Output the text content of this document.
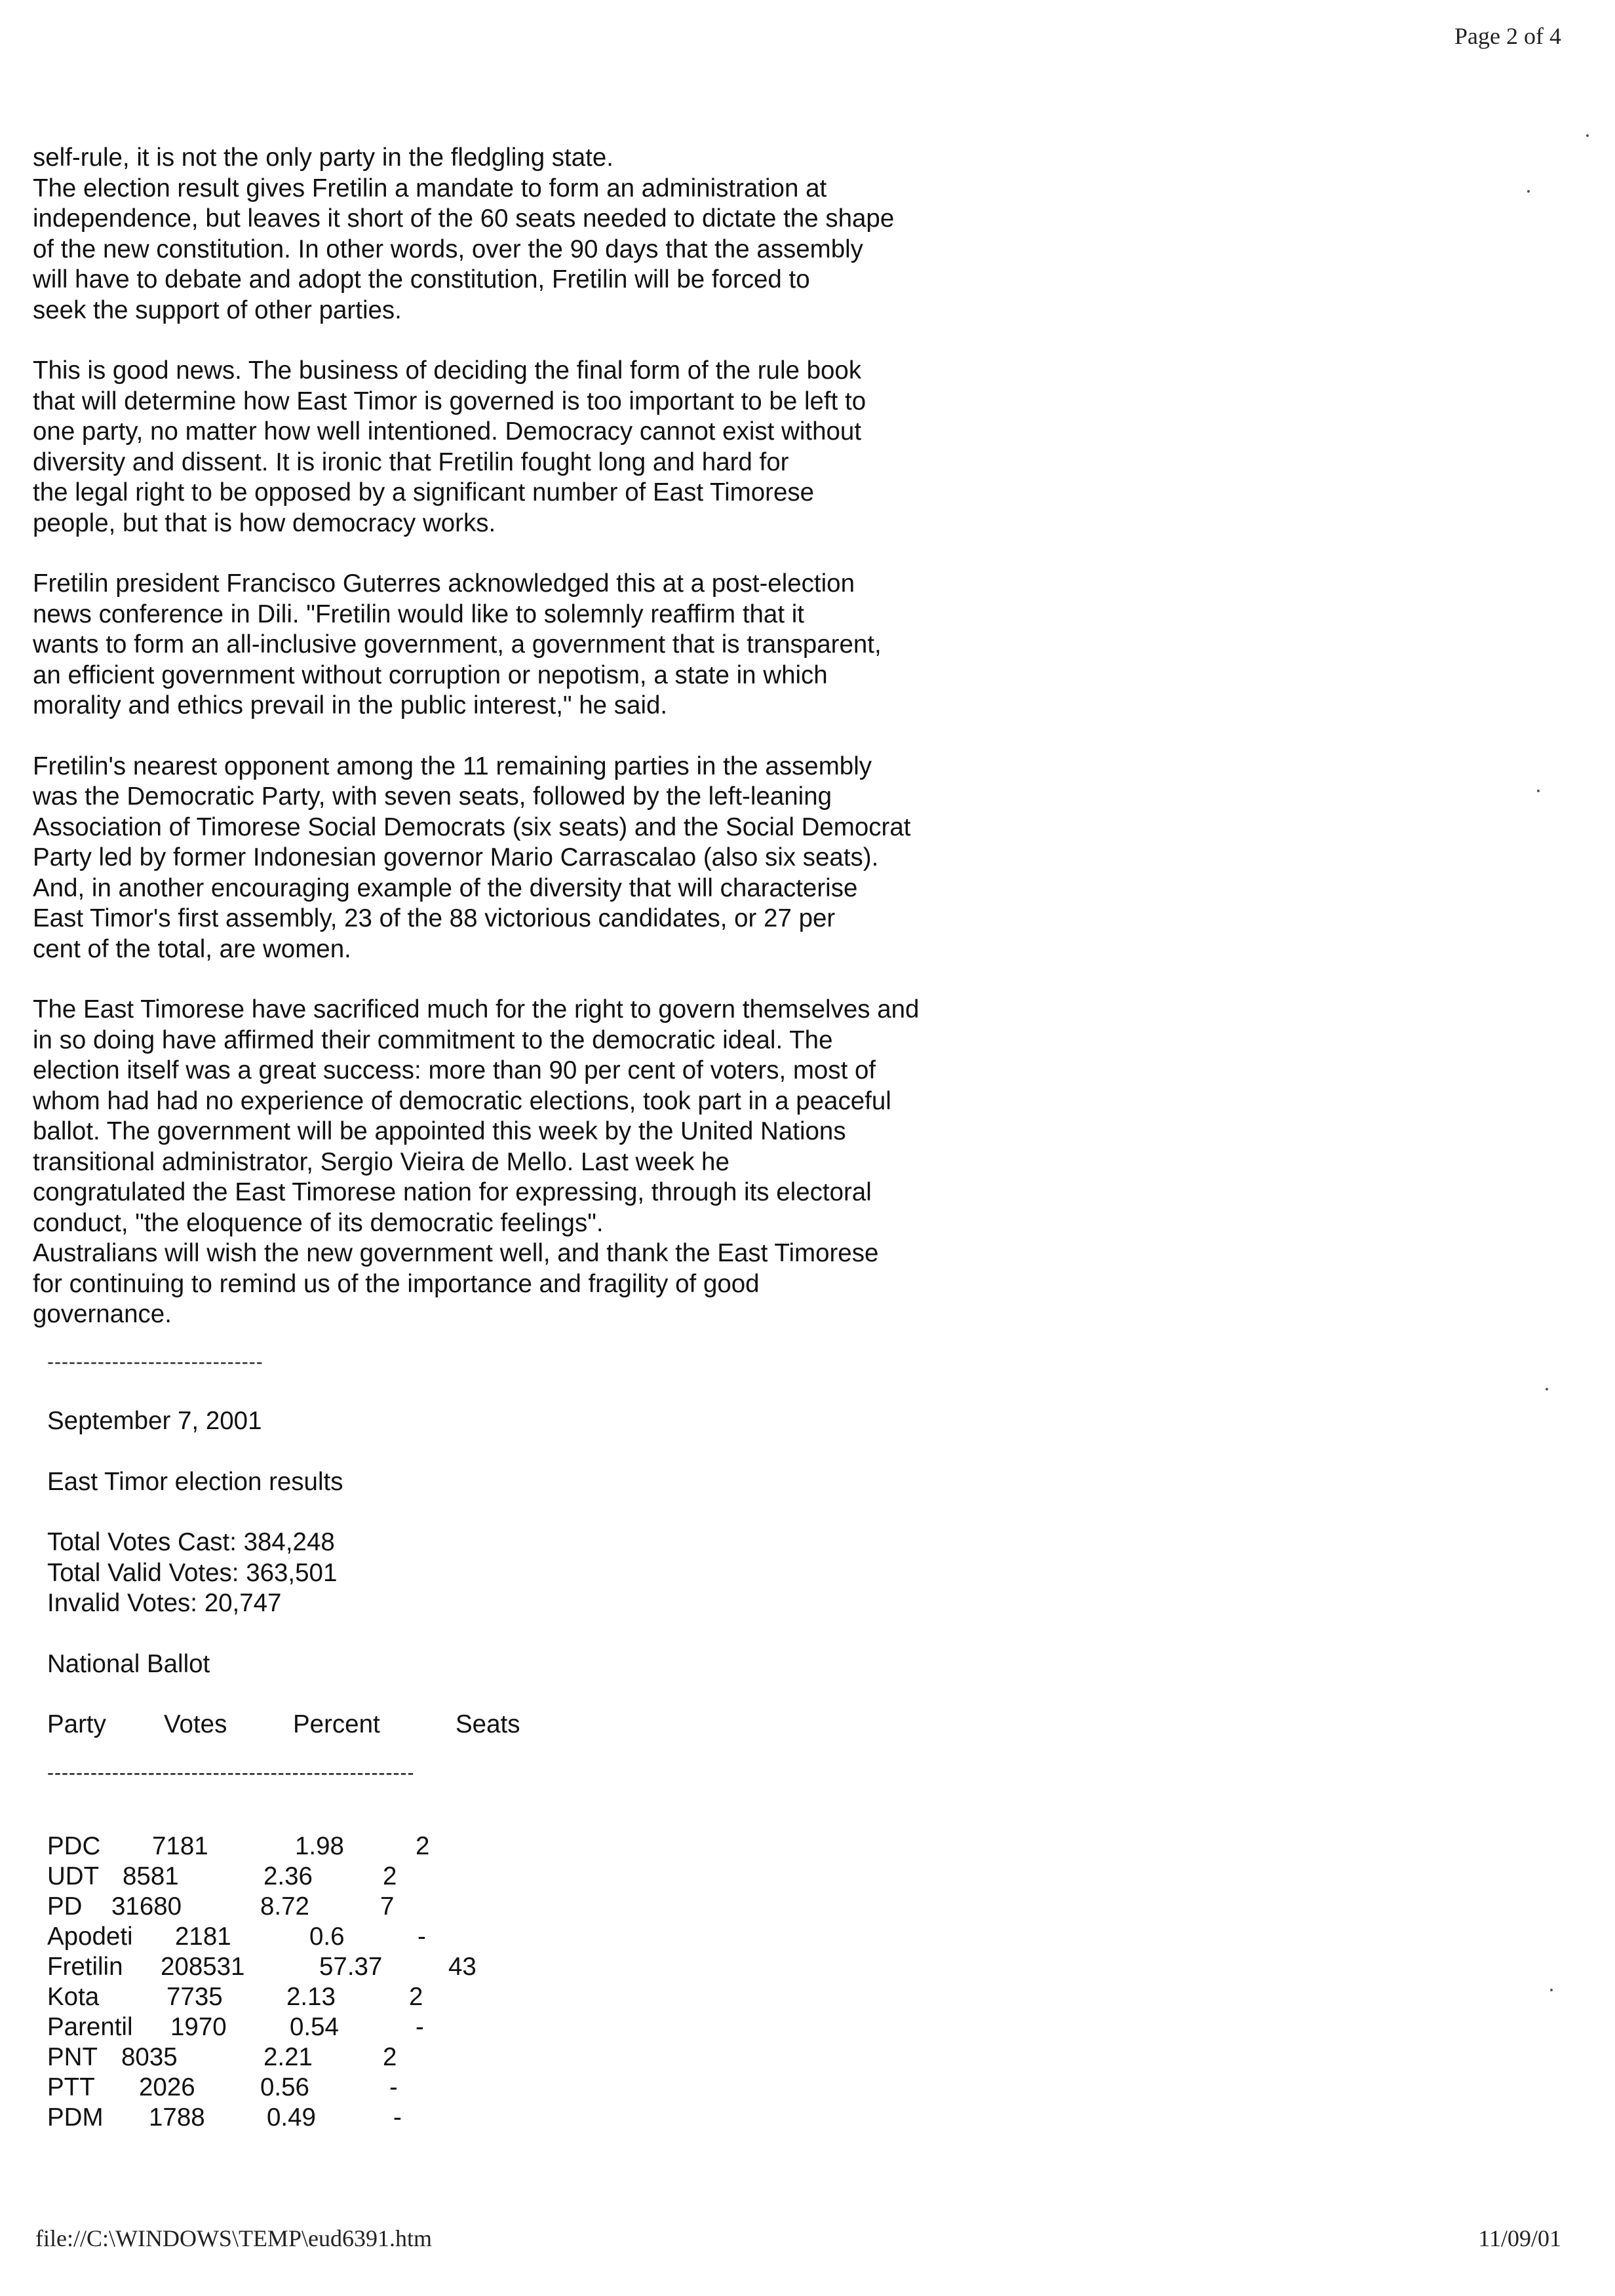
Page 2 of 4
self-rule, it is not the only party in the fledgling state.
The election result gives Fretilin a mandate to form an administration at
independence, but leaves it short of the 60 seats needed to dictate the shape
of the new constitution. In other words, over the 90 days that the assembly
will have to debate and adopt the constitution, Fretilin will be forced to
seek the support of other parties.
This is good news. The business of deciding the final form of the rule book
that will determine how East Timor is governed is too important to be left to
one party, no matter how well intentioned. Democracy cannot exist without
diversity and dissent. It is ironic that Fretilin fought long and hard for
the legal right to be opposed by a significant number of East Timorese
people, but that is how democracy works.
Fretilin president Francisco Guterres acknowledged this at a post-election
news conference in Dili. "Fretilin would like to solemnly reaffirm that it
wants to form an all-inclusive government, a government that is transparent,
an efficient government without corruption or nepotism, a state in which
morality and ethics prevail in the public interest," he said.
Fretilin's nearest opponent among the 11 remaining parties in the assembly
was the Democratic Party, with seven seats, followed by the left-leaning
Association of Timorese Social Democrats (six seats) and the Social Democrat
Party led by former Indonesian governor Mario Carrascalao (also six seats).
And, in another encouraging example of the diversity that will characterise
East Timor's first assembly, 23 of the 88 victorious candidates, or 27 per
cent of the total, are women.
The East Timorese have sacrificed much for the right to govern themselves and
in so doing have affirmed their commitment to the democratic ideal. The
election itself was a great success: more than 90 per cent of voters, most of
whom had had no experience of democratic elections, took part in a peaceful
ballot. The government will be appointed this week by the United Nations
transitional administrator, Sergio Vieira de Mello. Last week he
congratulated the East Timorese nation for expressing, through its electoral
conduct, "the eloquence of its democratic feelings".
Australians will wish the new government well, and thank the East Timorese
for continuing to remind us of the importance and fragility of good
governance.
------------------------------

September 7, 2001

East Timor election results

Total Votes Cast: 384,248

Total Valid Votes: 363,501

Invalid Votes: 20,747

National Ballot

Party Votes	Percent	Seats

---------------------------------------------------

PDC 7181	1.98	2
UDT 8581	2.36	2
PD 31680	8.72	7
Apodeti 2181	0.6	-
Fretilin 208531	57.37	43
Kota	7735	2.13	2
Parentil 1970	0.54	-
PNT 8035	2.21	2
PTT 2026	0.56	-
PDM 1788 0.49	-
file://C:\WINDOWS\TEMP\eud6391.htm	11/09/01
